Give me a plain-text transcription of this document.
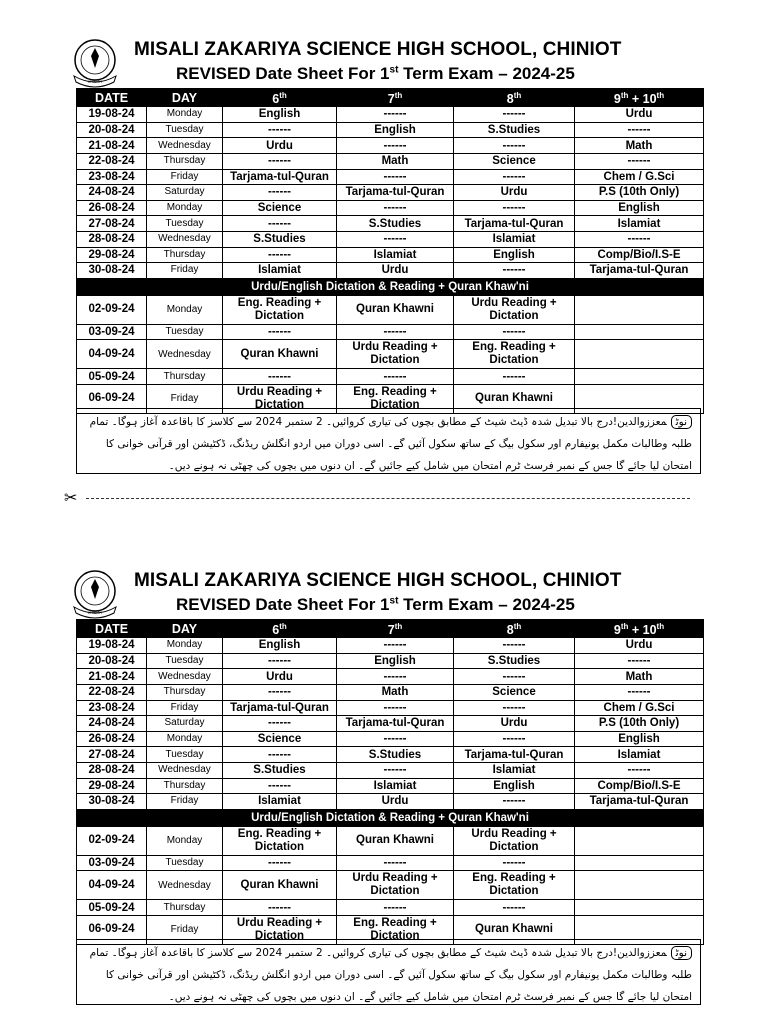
CHINIOT
MISALI ZAKARIYA SCIENCE HIGH SCHOOL, CHINIOT
REVISED Date Sheet For 1st Term Exam – 2024-25
DATE	DAY	6th	7th	8th	9th + 10th
19-08-24	Monday	English	------	------	Urdu
20-08-24	Tuesday	------	English	S.Studies	------
21-08-24	Wednesday	Urdu	------	------	Math
22-08-24	Thursday	------	Math	Science	------
23-08-24	Friday	Tarjama-tul-Quran	------	------	Chem / G.Sci
24-08-24	Saturday	------	Tarjama-tul-Quran	Urdu	P.S (10th Only)
26-08-24	Monday	Science	------	------	English
27-08-24	Tuesday	------	S.Studies	Tarjama-tul-Quran	Islamiat
28-08-24	Wednesday	S.Studies	------	Islamiat	------
29-08-24	Thursday	------	Islamiat	English	Comp/Bio/I.S-E
30-08-24	Friday	Islamiat	Urdu	------	Tarjama-tul-Quran
Urdu/English Dictation & Reading + Quran Khaw'ni					
02-09-24	Monday	Eng. Reading + Dictation	Quran Khawni	Urdu Reading + Dictation	
03-09-24	Tuesday	------	------	------	
04-09-24	Wednesday	Quran Khawni	Urdu Reading + Dictation	Eng. Reading + Dictation	
05-09-24	Thursday	------	------	------	
06-09-24	Friday	Urdu Reading + Dictation	Eng. Reading + Dictation	Quran Khawni	
نوٹمعززوالدین!درج بالا تبدیل شدہ ڈیٹ شیٹ کے مطابق بچوں کی تیاری کروائیں۔ 2 ستمبر 2024 سے کلاسز کا باقاعدہ آغاز ہوگا۔ تمام طلبہ وطالبات مکمل یونیفارم اور سکول بیگ کے ساتھ سکول آئیں گے۔ اسی دوران میں اردو انگلش ریڈنگ، ڈکٹیشن اور قرآنی خوانی کا امتحان لیا جائے گا جس کے نمبر فرسٹ ٹرم امتحان میں شامل کیے جائیں گے۔ ان دنوں میں بچوں کی چھٹی نہ ہونے دیں۔
✂
CHINIOT
MISALI ZAKARIYA SCIENCE HIGH SCHOOL, CHINIOT
REVISED Date Sheet For 1st Term Exam – 2024-25
DATE	DAY	6th	7th	8th	9th + 10th
19-08-24	Monday	English	------	------	Urdu
20-08-24	Tuesday	------	English	S.Studies	------
21-08-24	Wednesday	Urdu	------	------	Math
22-08-24	Thursday	------	Math	Science	------
23-08-24	Friday	Tarjama-tul-Quran	------	------	Chem / G.Sci
24-08-24	Saturday	------	Tarjama-tul-Quran	Urdu	P.S (10th Only)
26-08-24	Monday	Science	------	------	English
27-08-24	Tuesday	------	S.Studies	Tarjama-tul-Quran	Islamiat
28-08-24	Wednesday	S.Studies	------	Islamiat	------
29-08-24	Thursday	------	Islamiat	English	Comp/Bio/I.S-E
30-08-24	Friday	Islamiat	Urdu	------	Tarjama-tul-Quran
Urdu/English Dictation & Reading + Quran Khaw'ni					
02-09-24	Monday	Eng. Reading + Dictation	Quran Khawni	Urdu Reading + Dictation	
03-09-24	Tuesday	------	------	------	
04-09-24	Wednesday	Quran Khawni	Urdu Reading + Dictation	Eng. Reading + Dictation	
05-09-24	Thursday	------	------	------	
06-09-24	Friday	Urdu Reading + Dictation	Eng. Reading + Dictation	Quran Khawni	
نوٹمعززوالدین!درج بالا تبدیل شدہ ڈیٹ شیٹ کے مطابق بچوں کی تیاری کروائیں۔ 2 ستمبر 2024 سے کلاسز کا باقاعدہ آغاز ہوگا۔ تمام طلبہ وطالبات مکمل یونیفارم اور سکول بیگ کے ساتھ سکول آئیں گے۔ اسی دوران میں اردو انگلش ریڈنگ، ڈکٹیشن اور قرآنی خوانی کا امتحان لیا جائے گا جس کے نمبر فرسٹ ٹرم امتحان میں شامل کیے جائیں گے۔ ان دنوں میں بچوں کی چھٹی نہ ہونے دیں۔
